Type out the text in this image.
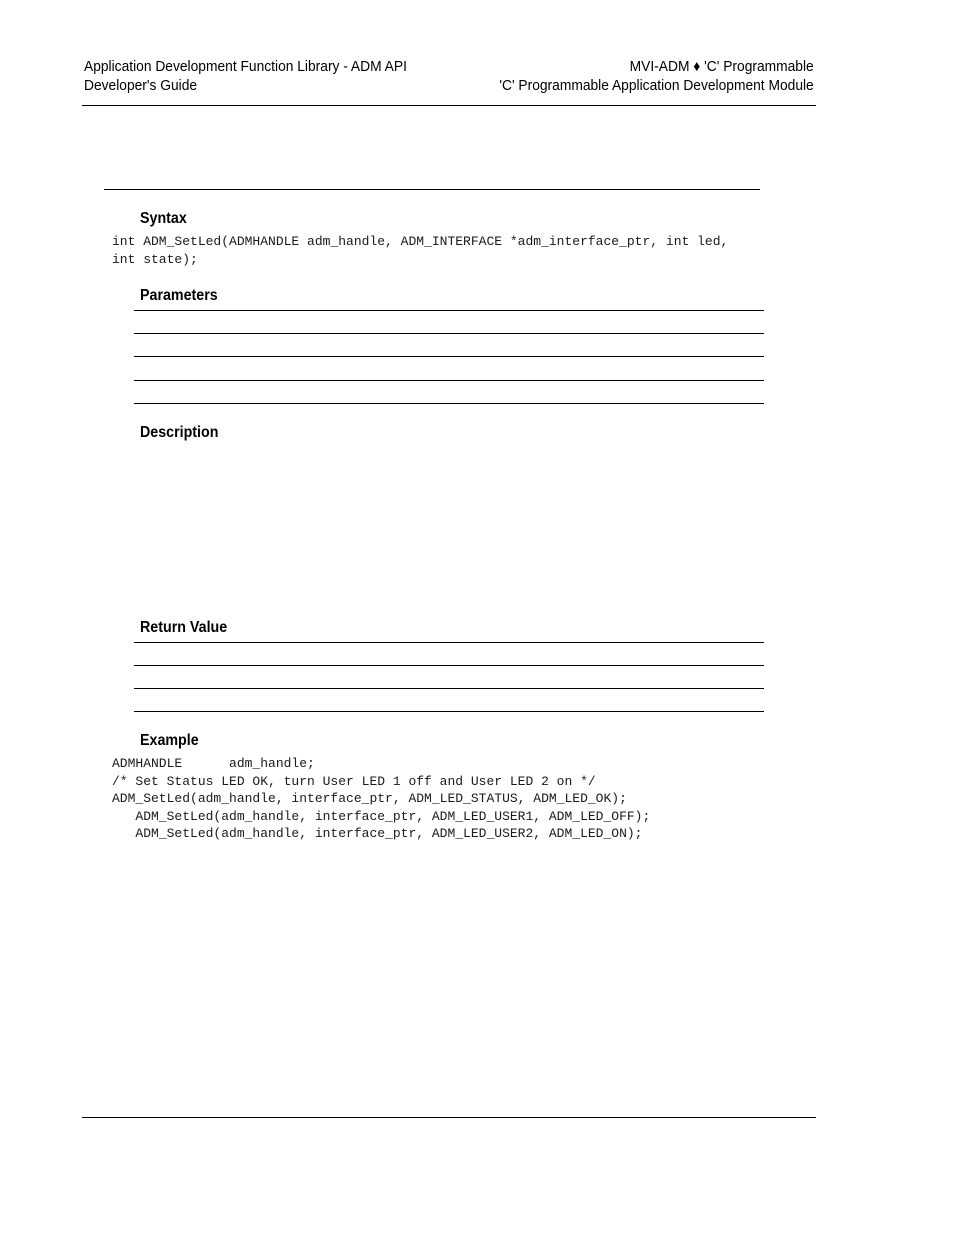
Application Development Function Library - ADM API
Developer's Guide
MVI-ADM ♦ 'C' Programmable
'C' Programmable Application Development Module
Syntax
int ADM_SetLed(ADMHANDLE adm_handle, ADM_INTERFACE *adm_interface_ptr, int led,
int state);
Parameters
Description
Return Value
Example
ADMHANDLE      adm_handle;
/* Set Status LED OK, turn User LED 1 off and User LED 2 on */
ADM_SetLed(adm_handle, interface_ptr, ADM_LED_STATUS, ADM_LED_OK);
ADM_SetLed(adm_handle, interface_ptr, ADM_LED_USER1, ADM_LED_OFF);
ADM_SetLed(adm_handle, interface_ptr, ADM_LED_USER2, ADM_LED_ON);
